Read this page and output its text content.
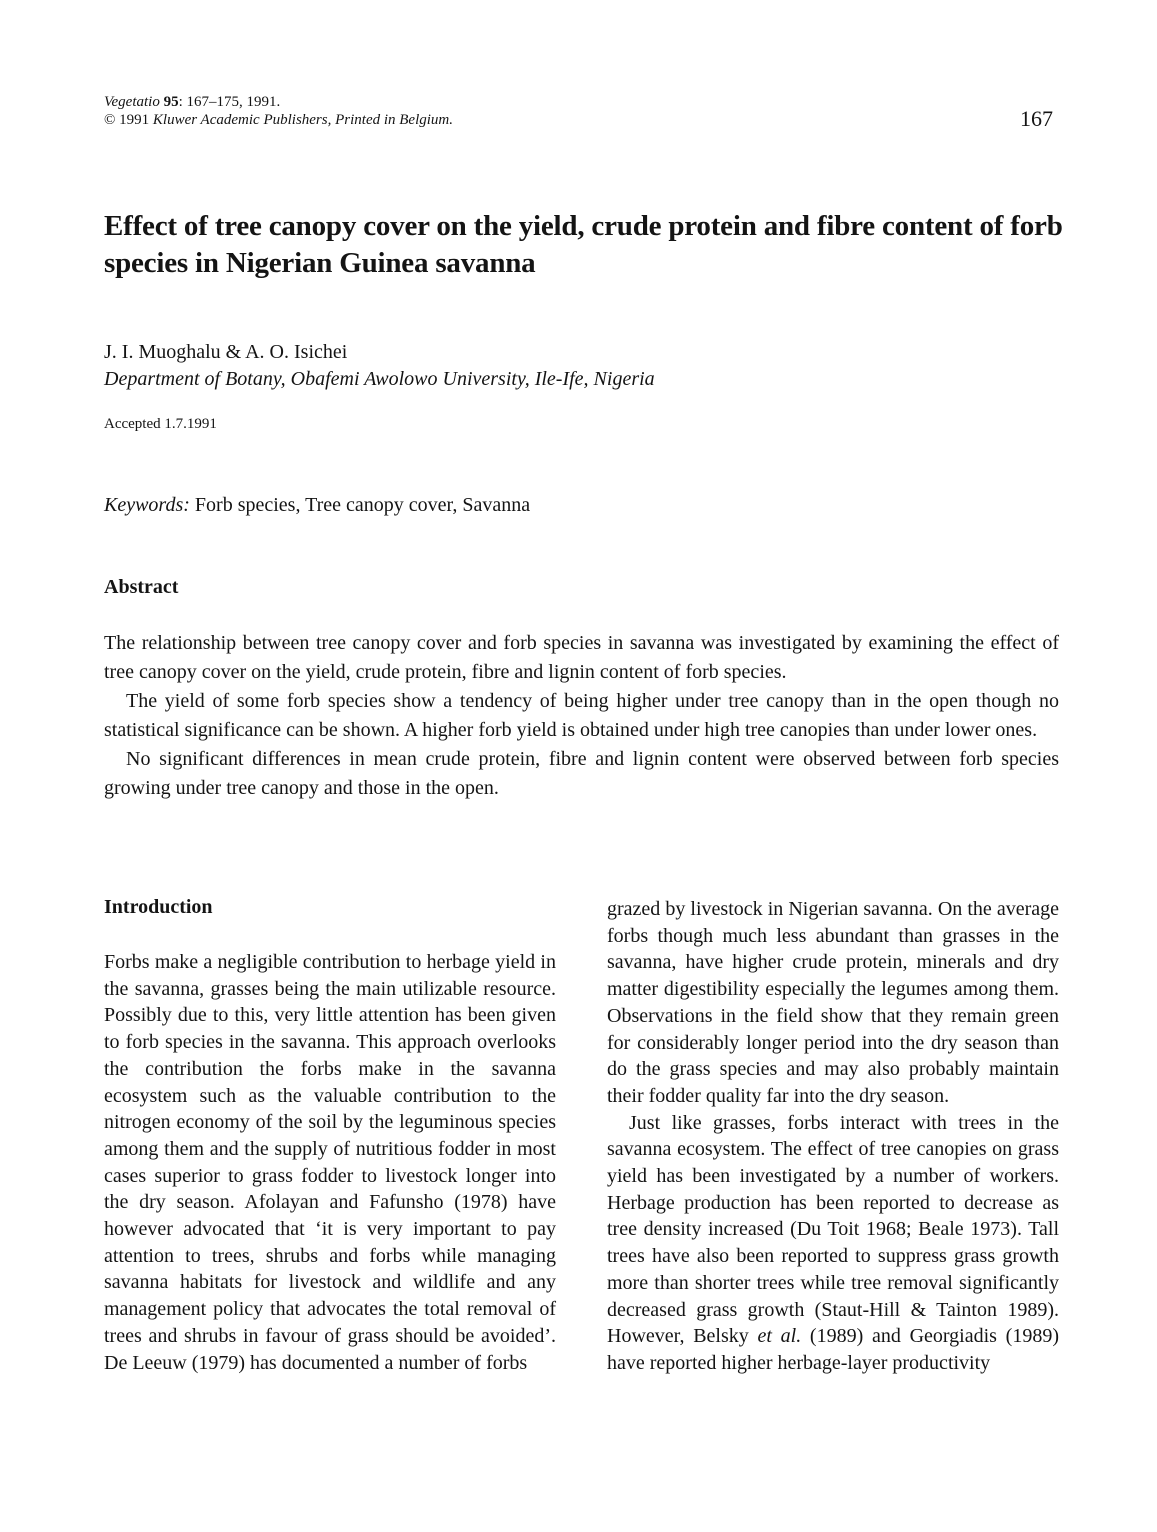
Vegetatio 95: 167–175, 1991.
© 1991 Kluwer Academic Publishers, Printed in Belgium.	167
Effect of tree canopy cover on the yield, crude protein and fibre content of forb species in Nigerian Guinea savanna
J. I. Muoghalu & A. O. Isichei
Department of Botany, Obafemi Awolowo University, Ile-Ife, Nigeria
Accepted 1.7.1991
Keywords: Forb species, Tree canopy cover, Savanna
Abstract

The relationship between tree canopy cover and forb species in savanna was investigated by examining the effect of tree canopy cover on the yield, crude protein, fibre and lignin content of forb species.

The yield of some forb species show a tendency of being higher under tree canopy than in the open though no statistical significance can be shown. A higher forb yield is obtained under high tree canopies than under lower ones.

No significant differences in mean crude protein, fibre and lignin content were observed between forb species growing under tree canopy and those in the open.

Introduction

Forbs make a negligible contribution to herbage yield in the savanna, grasses being the main utilizable resource. Possibly due to this, very little attention has been given to forb species in the savanna. This approach overlooks the contribution the forbs make in the savanna ecosystem such as the valuable contribution to the nitrogen economy of the soil by the leguminous species among them and the supply of nutritious fodder in most cases superior to grass fodder to livestock longer into the dry season. Afolayan and Fafunsho (1978) have however advocated that ‘it is very important to pay attention to trees, shrubs and forbs while managing savanna habitats for livestock and wildlife and any management policy that advocates the total removal of trees and shrubs in favour of grass should be avoided’. De Leeuw (1979) has documented a number of forbs

grazed by livestock in Nigerian savanna. On the average forbs though much less abundant than grasses in the savanna, have higher crude protein, minerals and dry matter digestibility especially the legumes among them. Observations in the field show that they remain green for considerably longer period into the dry season than do the grass species and may also probably maintain their fodder quality far into the dry season.

Just like grasses, forbs interact with trees in the savanna ecosystem. The effect of tree canopies on grass yield has been investigated by a number of workers. Herbage production has been reported to decrease as tree density increased (Du Toit 1968; Beale 1973). Tall trees have also been reported to suppress grass growth more than shorter trees while tree removal significantly decreased grass growth (Staut-Hill & Tainton 1989). However, Belsky et al. (1989) and Georgiadis (1989) have reported higher herbage-layer productivity
